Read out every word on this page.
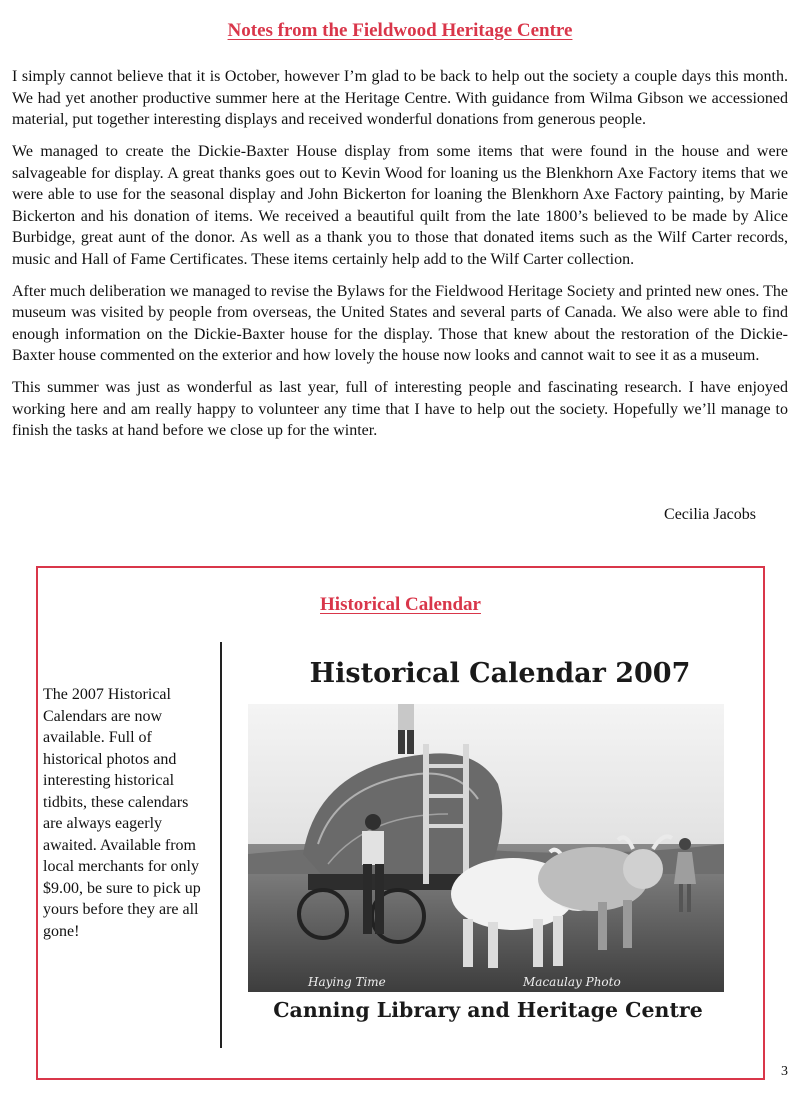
Notes from the Fieldwood Heritage Centre

I simply cannot believe that it is October, however I’m glad to be back to help out the society a couple days this month. We had yet another productive summer here at the Heritage Centre. With guidance from Wilma Gibson we accessioned material, put together interesting displays and received wonderful donations from generous people.

We managed to create the Dickie-Baxter House display from some items that were found in the house and were salvageable for display. A great thanks goes out to Kevin Wood for loaning us the Blenkhorn Axe Factory items that we were able to use for the seasonal display and John Bickerton for loaning the Blenkhorn Axe Factory painting, by Marie Bickerton and his donation of items. We received a beautiful quilt from the late 1800’s believed to be made by Alice Burbidge, great aunt of the donor. As well as a thank you to those that donated items such as the Wilf Carter records, music and Hall of Fame Certificates. These items certainly help add to the Wilf Carter collection.

After much deliberation we managed to revise the Bylaws for the Fieldwood Heritage Society and printed new ones. The museum was visited by people from overseas, the United States and several parts of Canada. We also were able to find enough information on the Dickie-Baxter house for the display. Those that knew about the restoration of the Dickie-Baxter house commented on the exterior and how lovely the house now looks and cannot wait to see it as a museum.

This summer was just as wonderful as last year, full of interesting people and fascinating research. I have enjoyed working here and am really happy to volunteer any time that I have to help out the society. Hopefully we’ll manage to finish the tasks at hand before we close up for the winter.

Cecilia Jacobs
Historical Calendar
The 2007 Historical Calendars are now available. Full of historical photos and interesting historical tidbits, these calendars are always eagerly awaited. Available from local merchants for only $9.00, be sure to pick up yours before they are all gone!
Historical Calendar 2007
Haying Time	Macaulay Photo
Canning Library and Heritage Centre
3
